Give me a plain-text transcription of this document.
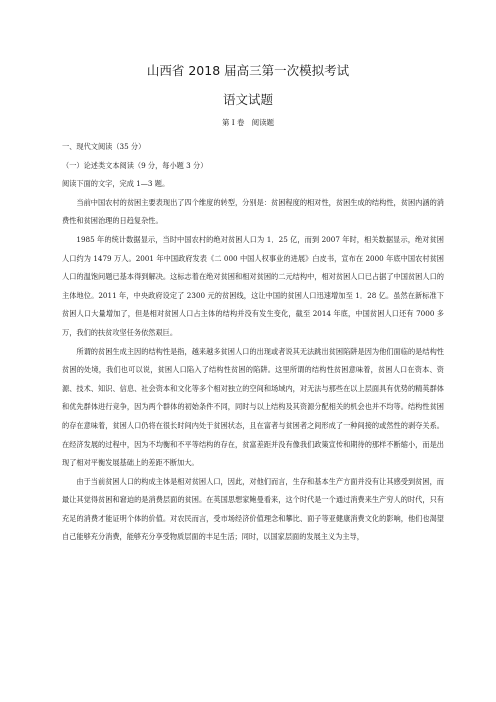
山西省 2018 届高三第一次模拟考试
语文试题
第 I 卷　阅读题

一、现代文阅读（35 分）

（一）论述类文本阅读（9 分，每小题 3 分）

阅读下面的文字，完成 1—3 题。

当前中国农村的贫困主要表现出了四个维度的转型，分别是：贫困程度的相对性，贫困生成的结构性，贫困内涵的消费性和贫困治理的日趋复杂性。

1985 年的统计数据显示，当时中国农村的绝对贫困人口为 1．25 亿，而到 2007 年时，相关数据显示，绝对贫困人口约为 1479 万人。2001 年中国政府发表《二 000 中国人权事业的进展》白皮书，宣布在 2000 年底中国农村贫困人口的温饱问题已基本得到解决。这标志着在绝对贫困和相对贫困的二元结构中，相对贫困人口已占据了中国贫困人口的主体地位。2011 年，中央政府设定了 2300 元的贫困线，这让中国的贫困人口迅速增加至 1．28 亿。虽然在新标准下贫困人口大量增加了，但是相对贫困人口占主体的结构并没有发生变化，截至 2014 年底，中国贫困人口还有 7000 多万，我们的扶贫攻坚任务依然艰巨。

所谓的贫困生成主因的结构性是指，越来越多贫困人口的出现或者说其无法跳出贫困陷阱是因为他们面临的是结构性贫困的处境，我们也可以说，贫困人口陷入了结构性贫困的陷阱。这里所谓的结构性贫困意味着，贫困人口在资本、资源、技术、知识、信息、社会资本和文化等多个相对独立的空间和场域内，对无法与那些在以上层面具有优势的精英群体和优先群体进行竞争，因为两个群体的初始条件不同，同时与以上结构及其资源分配相关的机会也并不均等。结构性贫困的存在意味着，贫困人口仍将在很长时间内处于贫困状态，且在富者与贫困者之间形成了一种间接的或然性的剥夺关系。在经济发展的过程中，因为不均衡和不平等结构的存在，贫富差距并没有像我们政策宣传和期待的那样不断缩小，而是出现了相对平衡发展基础上的差距不断加大。

由于当前贫困人口的构成主体是相对贫困人口，因此，对他们而言，生存和基本生产方面并没有让其感受到贫困，而最让其觉得贫困和窘迫的是消费层面的贫困。在英国思想家鲍曼看来，这个时代是一个通过消费来生产穷人的时代，只有充足的消费才能证明个体的价值。对农民而言，受市场经济价值理念和攀比、面子等亚健康消费文化的影响，他们也渴望自己能够充分消费，能够充分享受物质层面的丰足生活；同时，以国家层面的发展主义为主导，
